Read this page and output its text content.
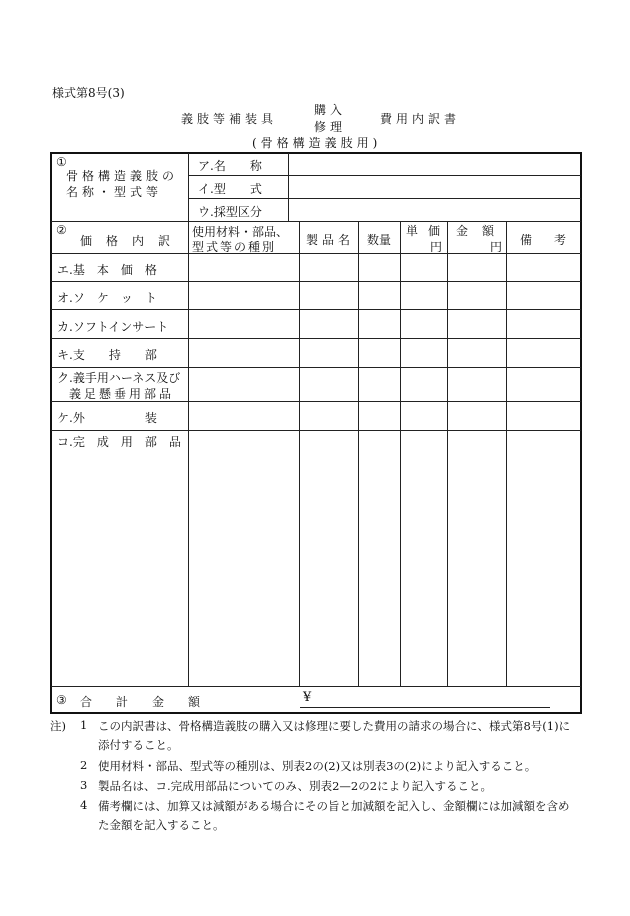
様式第8号(3)
義肢等補装具
購入
修理
費用内訳書
(骨格構造義肢用)
①
骨格構造義肢の
名称・型式等
ア.名　　称
イ.型　　式
ウ.採型区分
②
価格内訳
使用材料・部品、
型式等の種別 製品名 数量
単価
円
金額
円 備考
エ.基　本　価　格
オ.ソ　ケ　ッ　ト
カ.ソフトインサート
キ.支　　持　　部
ク.義手用ハーネス及び
義足懸垂用部品
ケ.外　　　　　装
コ.完　成　用　部　品
③ 合　計　金　額	¥
注) 1 この内訳書は、骨格構造義肢の購入又は修理に要した費用の請求の場合に、様式第8号(1)に
添付すること。
2 使用材料・部品、型式等の種別は、別表2の(2)又は別表3の(2)により記入すること。
3 製品名は、コ.完成用部品についてのみ、別表2—2の2により記入すること。
4 備考欄には、加算又は減額がある場合にその旨と加減額を記入し、金額欄には加減額を含め
た金額を記入すること。
